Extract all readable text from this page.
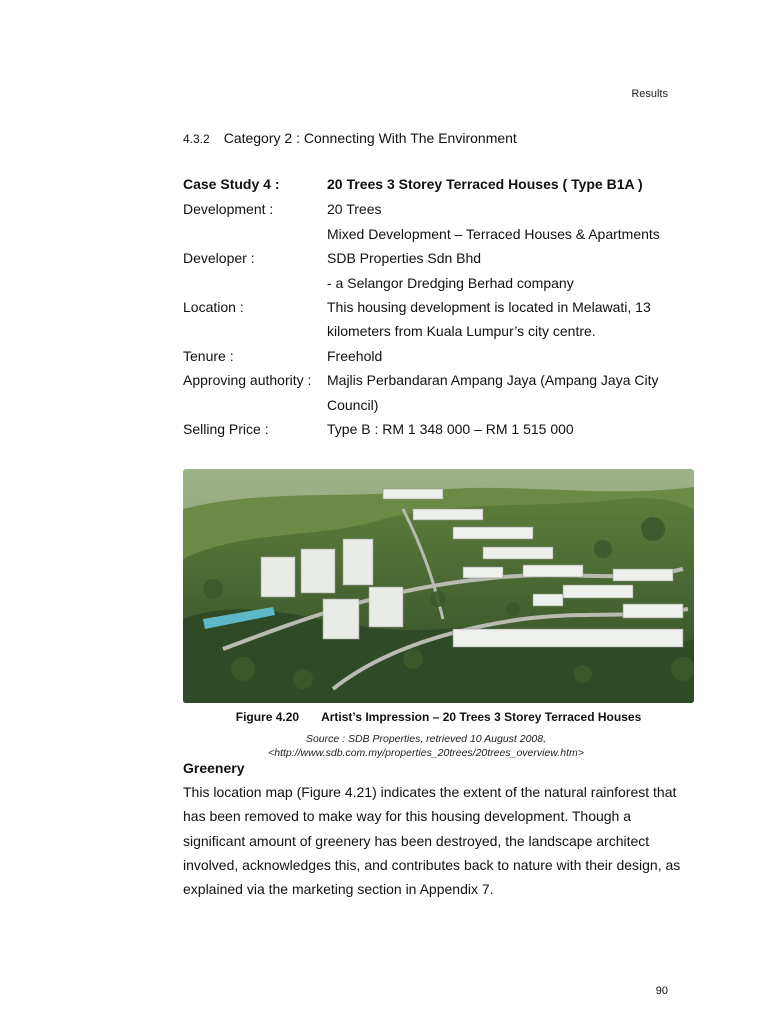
Results
4.3.2 Category 2 : Connecting With The Environment
Case Study 4 :	20 Trees 3 Storey Terraced Houses ( Type B1A )
Development :	20 Trees
Mixed Development – Terraced Houses & Apartments
Developer :	SDB Properties Sdn Bhd
- a Selangor Dredging Berhad company
Location :	This housing development is located in Melawati, 13 kilometers from Kuala Lumpur’s city centre.
Tenure :	Freehold
Approving authority :	Majlis Perbandaran Ampang Jaya (Ampang Jaya City Council)
Selling Price :	Type B : RM 1 348 000 – RM 1 515 000
Figure 4.20 Artist’s Impression – 20 Trees 3 Storey Terraced Houses
Source : SDB Properties, retrieved 10 August 2008,
<http://www.sdb.com.my/properties_20trees/20trees_overview.htm>
Greenery

This location map (Figure 4.21) indicates the extent of the natural rainforest that has been removed to make way for this housing development. Though a significant amount of greenery has been destroyed, the landscape architect involved, acknowledges this, and contributes back to nature with their design, as explained via the marketing section in Appendix 7.

90
